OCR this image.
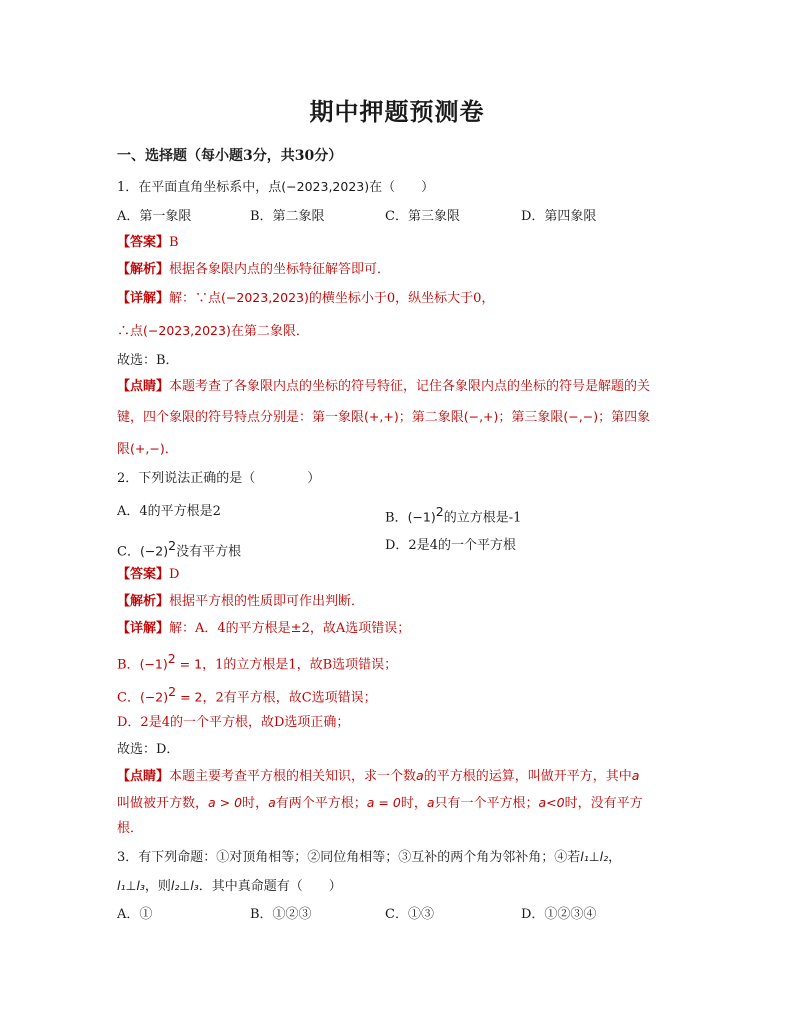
期中押题预测卷
一、选择题（每小题3分，共30分）
1．在平面直角坐标系中，点(−2023,2023)在（　　）
A．第一象限	B．第二象限	C．第三象限	D．第四象限
【答案】B
【解析】根据各象限内点的坐标特征解答即可．
【详解】解：∵点(−2023,2023)的横坐标小于0，纵坐标大于0，
∴点(−2023,2023)在第二象限．
故选：B．
【点睛】本题考查了各象限内点的坐标的符号特征，记住各象限内点的坐标的符号是解题的关
键，四个象限的符号特点分别是：第一象限(+,+)；第二象限(−,+)；第三象限(−,−)；第四象
限(+,−)．
2．下列说法正确的是（　　　　）
A．4的平方根是2	B．$(-1)^2$的立方根是-1
C．$(-2)^2$没有平方根	D．2是4的一个平方根
【答案】D
【解析】根据平方根的性质即可作出判断．
【详解】解：A．4的平方根是±2，故A选项错误；
B．$(-1)^2 = 1$，1的立方根是1，故B选项错误；
C．$(-2)^2 = 2$，2有平方根，故C选项错误；
D．2是4的一个平方根，故D选项正确；
故选：D．
【点睛】本题主要考查平方根的相关知识，求一个数a的平方根的运算，叫做开平方，其中a
叫做被开方数，a > 0时，a有两个平方根；a = 0时，a只有一个平方根；a<0时，没有平方
根．
3．有下列命题：①对顶角相等；②同位角相等；③互补的两个角为邻补角；④若l₁⊥l₂，
l₁⊥l₃，则l₂⊥l₃．其中真命题有（　　）
A．①	B．①②③	C．①③	D．①②③④
